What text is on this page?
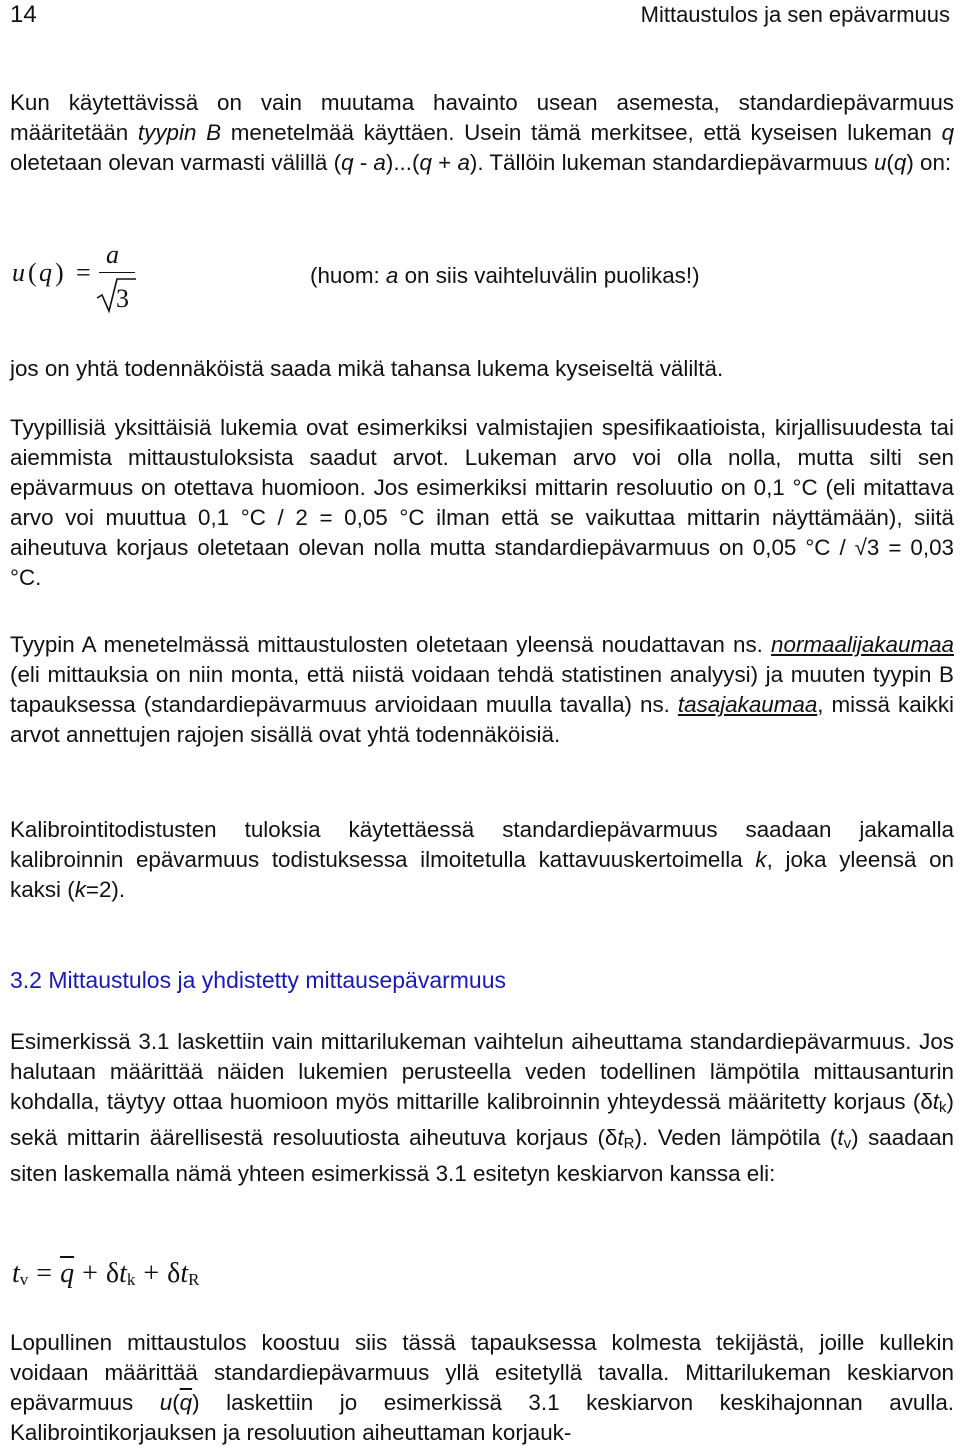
14	Mittaustulos ja sen epävarmuus

Kun käytettävissä on vain muutama havainto usean asemesta, standardiepävarmuus määritetään tyypin B menetelmää käyttäen. Usein tämä merkitsee, että kyseisen lukeman q oletetaan olevan varmasti välillä (q - a)...(q + a). Tällöin lukeman standardiepävarmuus u(q) on:

u ( q ) =
a
3
(huom: a on siis vaihteluvälin puolikas!)

jos on yhtä todennäköistä saada mikä tahansa lukema kyseiseltä väliltä.

Tyypillisiä yksittäisiä lukemia ovat esimerkiksi valmistajien spesifikaatioista, kirjallisuudesta tai aiemmista mittaustuloksista saadut arvot. Lukeman arvo voi olla nolla, mutta silti sen epävarmuus on otettava huomioon. Jos esimerkiksi mittarin resoluutio on 0,1 °C (eli mitattava arvo voi muuttua 0,1 °C / 2 = 0,05 °C ilman että se vaikuttaa mittarin näyttämään), siitä aiheutuva korjaus oletetaan olevan nolla mutta standardiepävarmuus on 0,05 °C / √3 = 0,03 °C.

Tyypin A menetelmässä mittaustulosten oletetaan yleensä noudattavan ns. normaalijakaumaa (eli mittauksia on niin monta, että niistä voidaan tehdä statistinen analyysi) ja muuten tyypin B tapauksessa (standardiepävarmuus arvioidaan muulla tavalla) ns. tasajakaumaa, missä kaikki arvot annettujen rajojen sisällä ovat yhtä todennäköisiä.

Kalibrointitodistusten tuloksia käytettäessä standardiepävarmuus saadaan jakamalla kalibroinnin epävarmuus todistuksessa ilmoitetulla kattavuuskertoimella k, joka yleensä on kaksi (k=2).

3.2 Mittaustulos ja yhdistetty mittausepävarmuus

Esimerkissä 3.1 laskettiin vain mittarilukeman vaihtelun aiheuttama standardiepävarmuus. Jos halutaan määrittää näiden lukemien perusteella veden todellinen lämpötila mittausanturin kohdalla, täytyy ottaa huomioon myös mittarille kalibroinnin yhteydessä määritetty korjaus $(\delta t_k)$ sekä mittarin äärellisestä resoluutiosta aiheutuva korjaus $(\delta t_R)$. Veden lämpötila $(t_v)$ saadaan siten laskemalla nämä yhteen esimerkissä 3.1 esitetyn keskiarvon kanssa eli:

tv = $\overline{q} + \delta tk + \delta tR$

Lopullinen mittaustulos koostuu siis tässä tapauksessa kolmesta tekijästä, joille kullekin voidaan määrittää standardiepävarmuus yllä esitetyllä tavalla. Mittarilukeman keskiarvon epävarmuus $u(\overline{q})$ laskettiin jo esimerkissä 3.1 keskiarvon keskihajonnan avulla. Kalibrointikorjauksen ja resoluution aiheuttaman korjauk-
